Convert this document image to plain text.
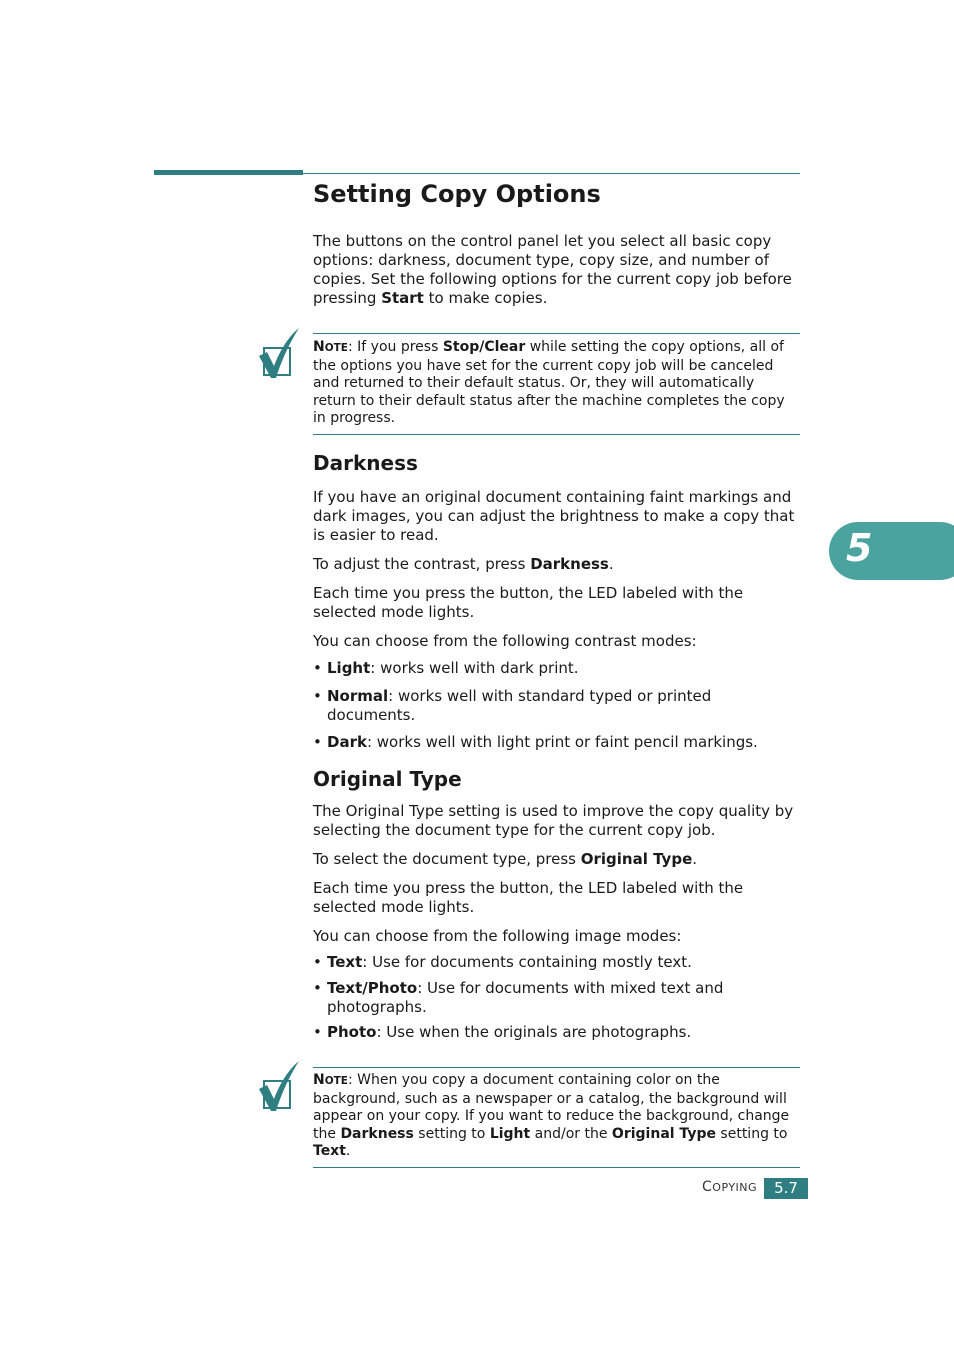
Setting Copy Options

The buttons on the control panel let you select all basic copy options: darkness, document type, copy size, and number of copies. Set the following options for the current copy job before pressing Start to make copies.

NOTE: If you press Stop/Clear while setting the copy options, all of the options you have set for the current copy job will be canceled and returned to their default status. Or, they will automatically return to their default status after the machine completes the copy in progress.

Darkness

If you have an original document containing faint markings and dark images, you can adjust the brightness to make a copy that is easier to read.

To adjust the contrast, press Darkness.

Each time you press the button, the LED labeled with the selected mode lights.

You can choose from the following contrast modes:

• Light: works well with dark print.
• Normal: works well with standard typed or printed documents.
• Dark: works well with light print or faint pencil markings.
Original Type

The Original Type setting is used to improve the copy quality by selecting the document type for the current copy job.

To select the document type, press Original Type.

Each time you press the button, the LED labeled with the selected mode lights.

You can choose from the following image modes:

• Text: Use for documents containing mostly text.
• Text/Photo: Use for documents with mixed text and photographs.
• Photo: Use when the originals are photographs.

NOTE: When you copy a document containing color on the background, such as a newspaper or a catalog, the background will appear on your copy. If you want to reduce the background, change the Darkness setting to Light and/or the Original Type setting to Text.

5
COPYING	5.7
